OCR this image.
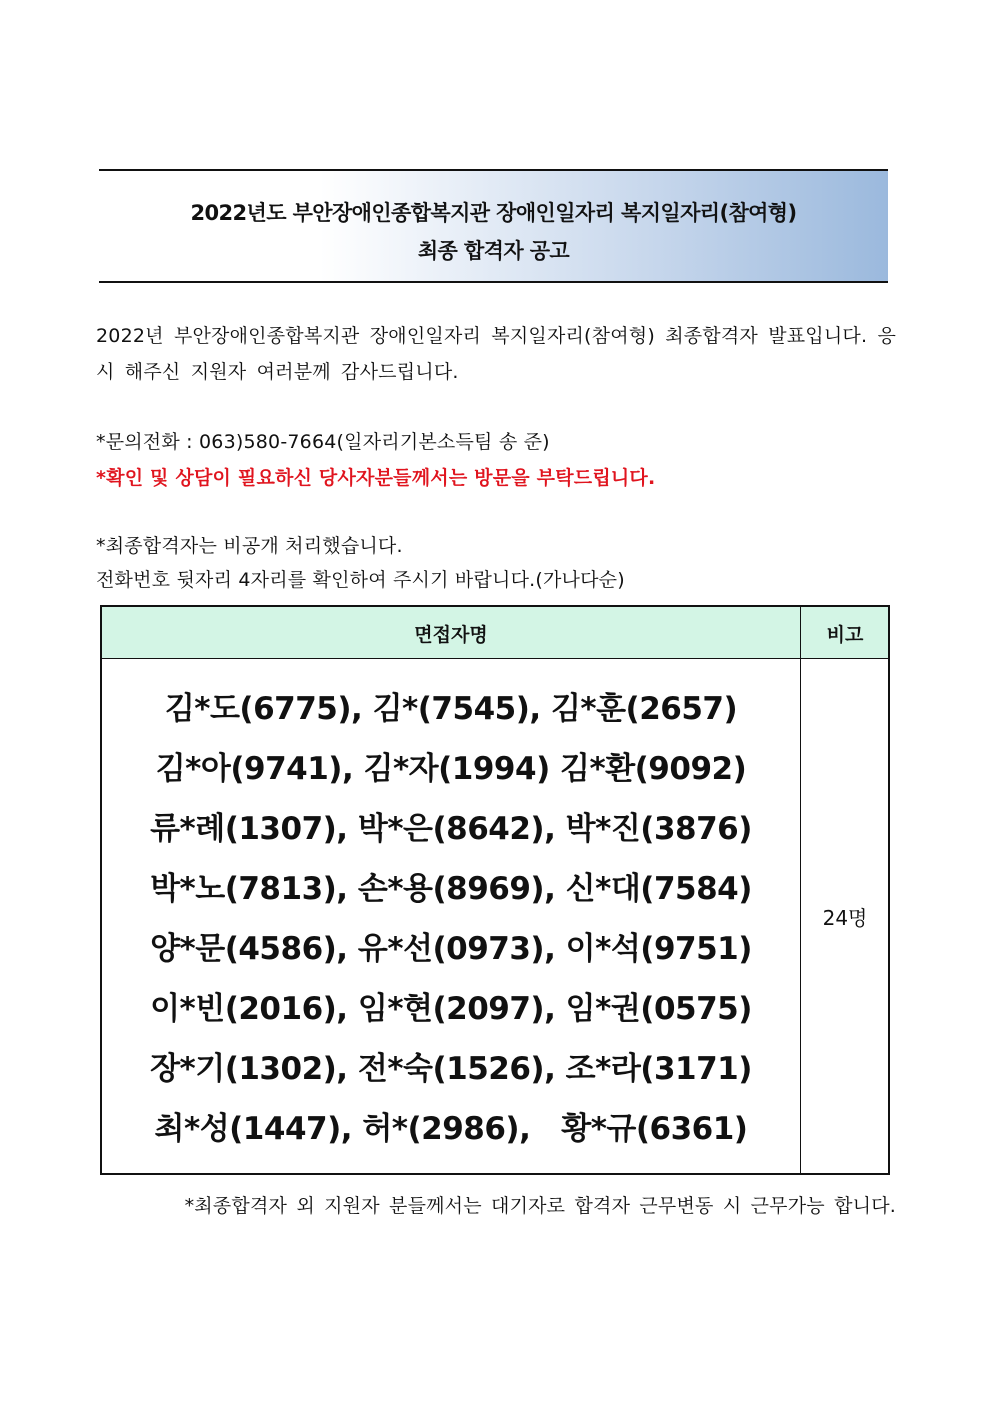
2022년도 부안장애인종합복지관 장애인일자리 복지일자리(참여형)
최종 합격자 공고
2022년 부안장애인종합복지관 장애인일자리 복지일자리(참여형) 최종합격자 발표입니다. 응시 해주신 지원자 여러분께 감사드립니다.
*문의전화 : 063)580-7664(일자리기본소득팀 송 준)
*확인 및 상담이 필요하신 당사자분들께서는 방문을 부탁드립니다.
*최종합격자는 비공개 처리했습니다.
전화번호 뒷자리 4자리를 확인하여 주시기 바랍니다.(가나다순)
면접자명	비고
김*도(6775), 김*(7545), 김*훈(2657)
김*아(9741), 김*자(1994) 김*환(9092)
류*례(1307), 박*은(8642), 박*진(3876)
박*노(7813), 손*용(8969), 신*대(7584)
양*문(4586), 유*선(0973), 이*석(9751)
이*빈(2016), 임*현(2097), 임*권(0575)
장*기(1302), 전*숙(1526), 조*라(3171)
최*성(1447), 허*(2986),   황*규(6361)
24명
*최종합격자 외 지원자 분들께서는 대기자로 합격자 근무변동 시 근무가능 합니다.
